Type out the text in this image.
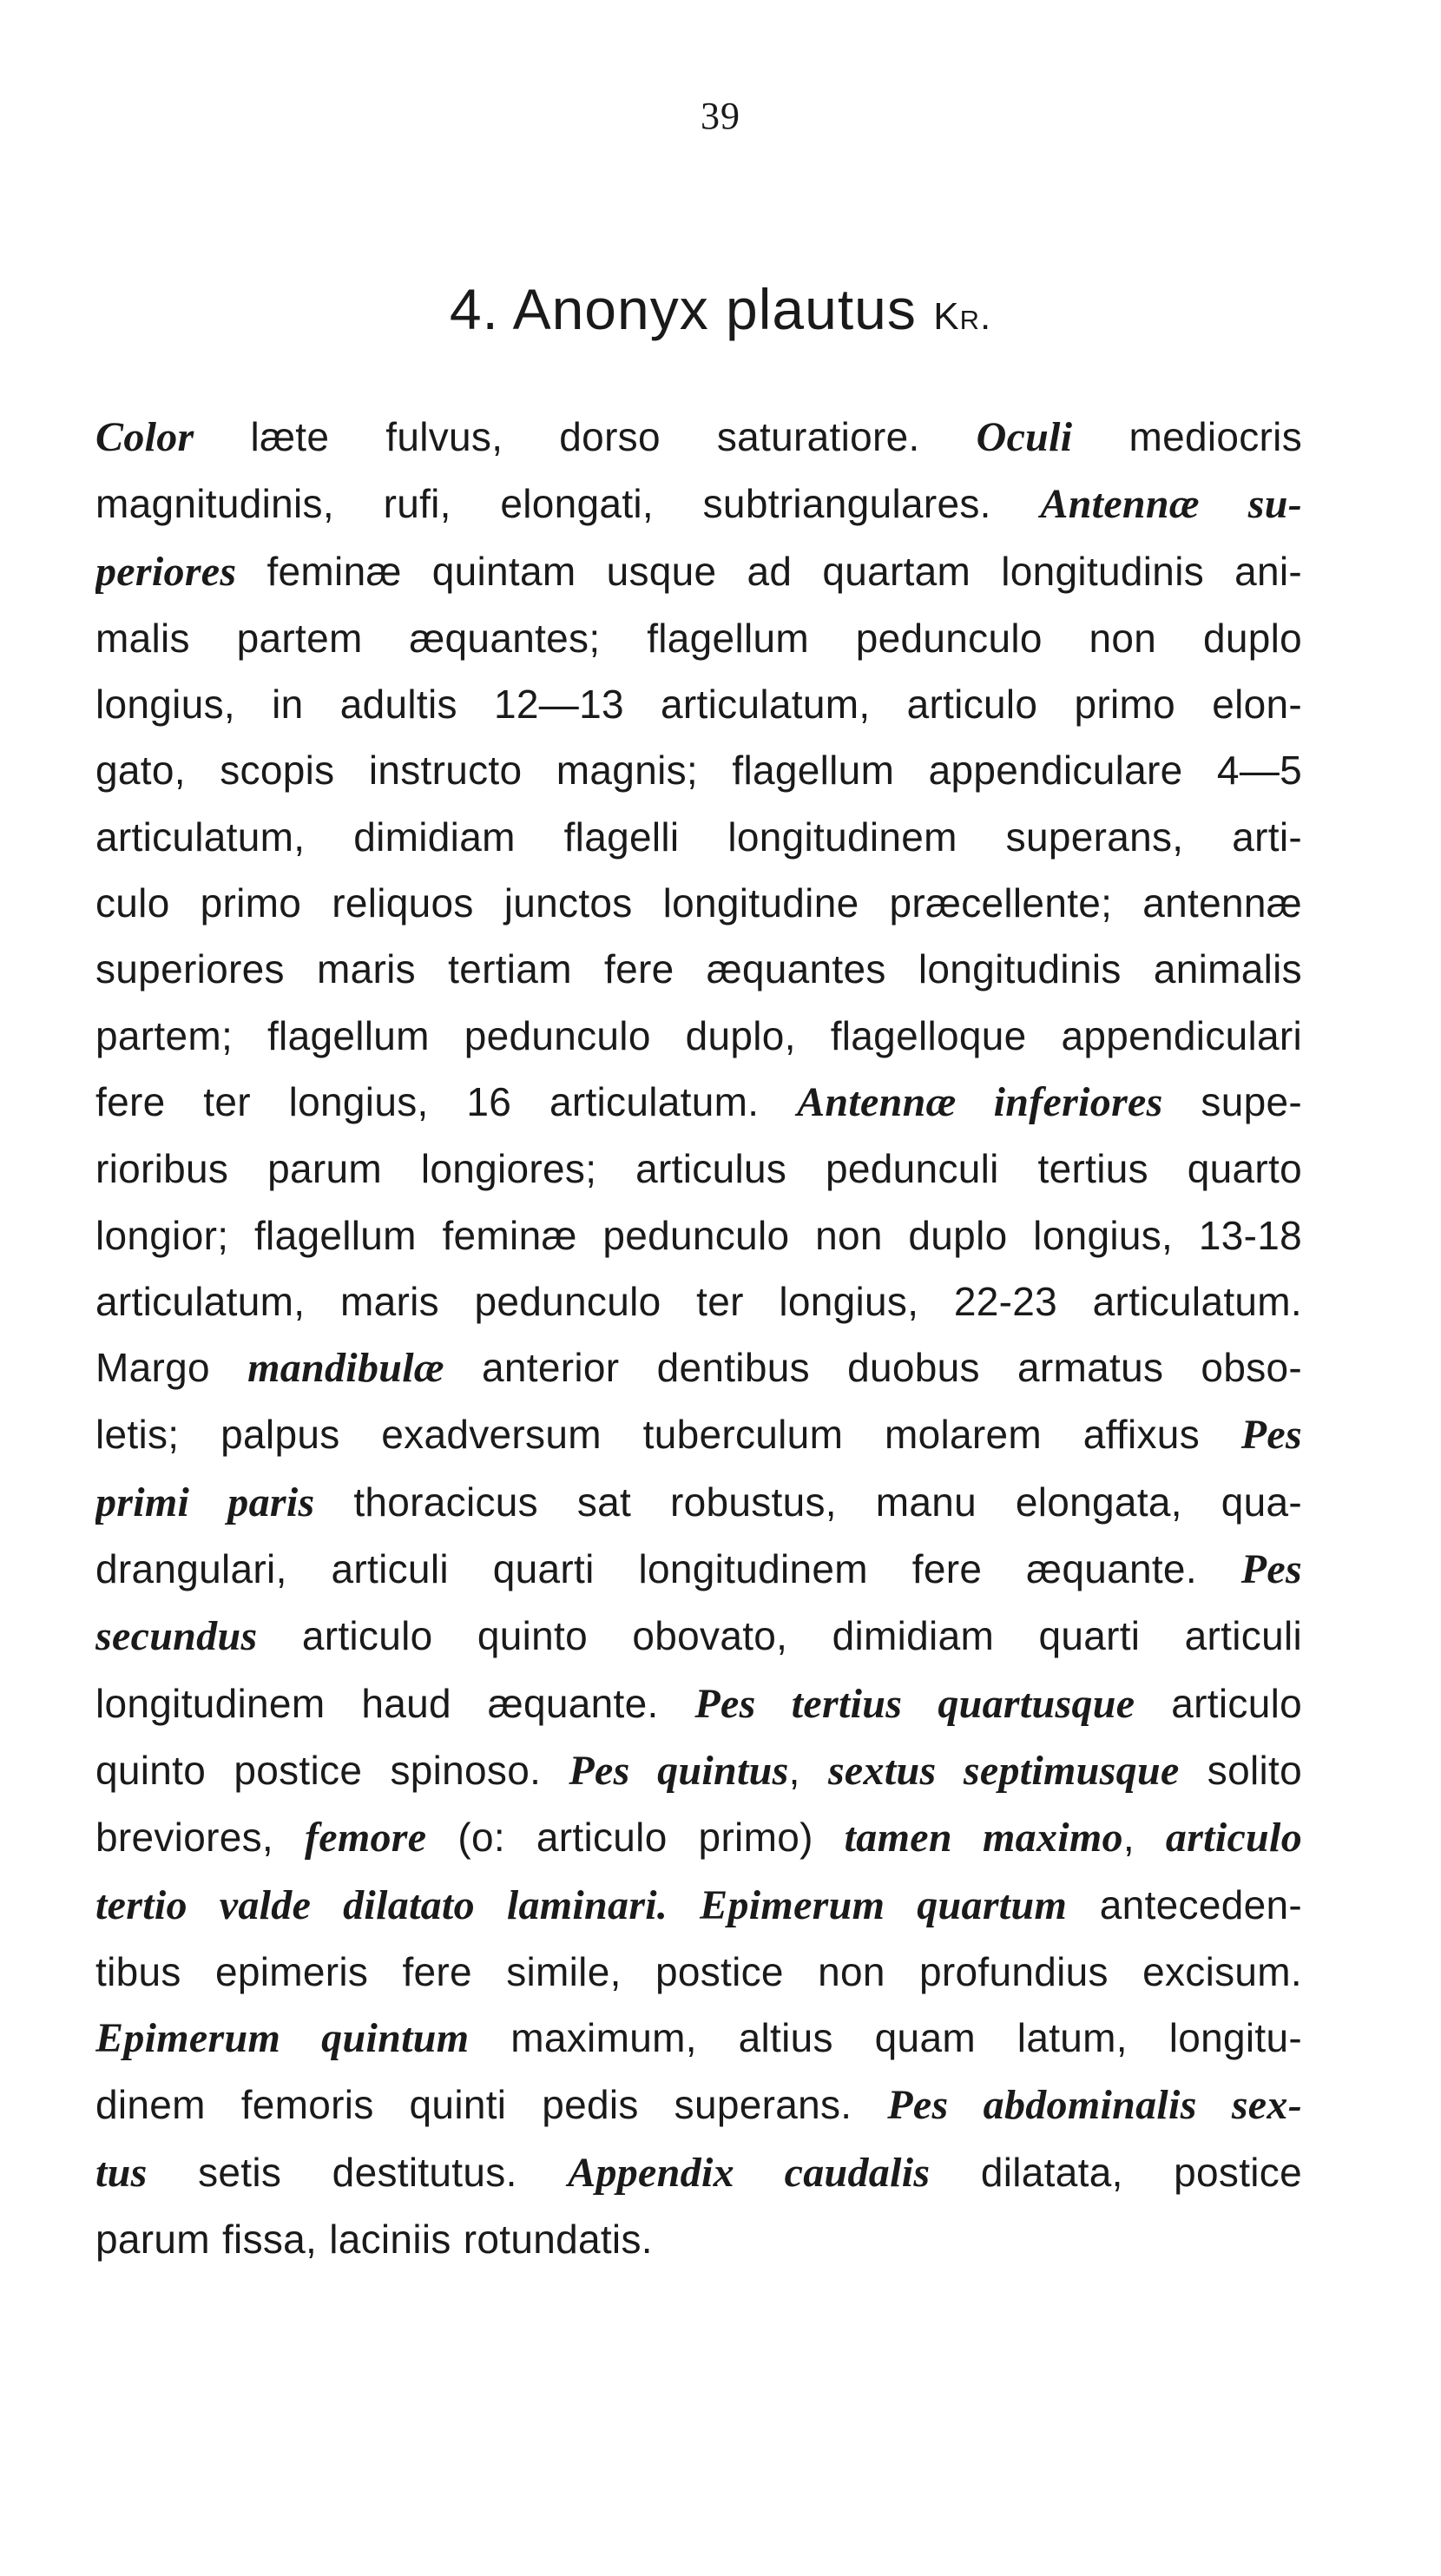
39
4. Anonyx plautus Kr.
Color læte fulvus, dorso saturatiore. Oculi mediocris
magnitudinis, rufi, elongati, subtriangulares. Antennæ su-
periores feminæ quintam usque ad quartam longitudinis ani-
malis partem æquantes; flagellum pedunculo non duplo
longius, in adultis 12—13 articulatum, articulo primo elon-
gato, scopis instructo magnis; flagellum appendiculare 4—5
articulatum, dimidiam flagelli longitudinem superans, arti-
culo primo reliquos junctos longitudine præcellente; antennæ
superiores maris tertiam fere æquantes longitudinis animalis
partem; flagellum pedunculo duplo, flagelloque appendiculari
fere ter longius, 16 articulatum. Antennæ inferiores supe-
rioribus parum longiores; articulus pedunculi tertius quarto
longior; flagellum feminæ pedunculo non duplo longius, 13-18
articulatum, maris pedunculo ter longius, 22-23 articulatum.
Margo mandibulæ anterior dentibus duobus armatus obso-
letis; palpus exadversum tuberculum molarem affixus Pes
primi paris thoracicus sat robustus, manu elongata, qua-
drangulari, articuli quarti longitudinem fere æquante. Pes
secundus articulo quinto obovato, dimidiam quarti articuli
longitudinem haud æquante. Pes tertius quartusque articulo
quinto postice spinoso. Pes quintus, sextus septimusque solito
breviores, femore (o: articulo primo) tamen maximo, articulo
tertio valde dilatato laminari. Epimerum quartum anteceden-
tibus epimeris fere simile, postice non profundius excisum.
Epimerum quintum maximum, altius quam latum, longitu-
dinem femoris quinti pedis superans. Pes abdominalis sex-
tus setis destitutus. Appendix caudalis dilatata, postice
parum fissa, laciniis rotundatis.
